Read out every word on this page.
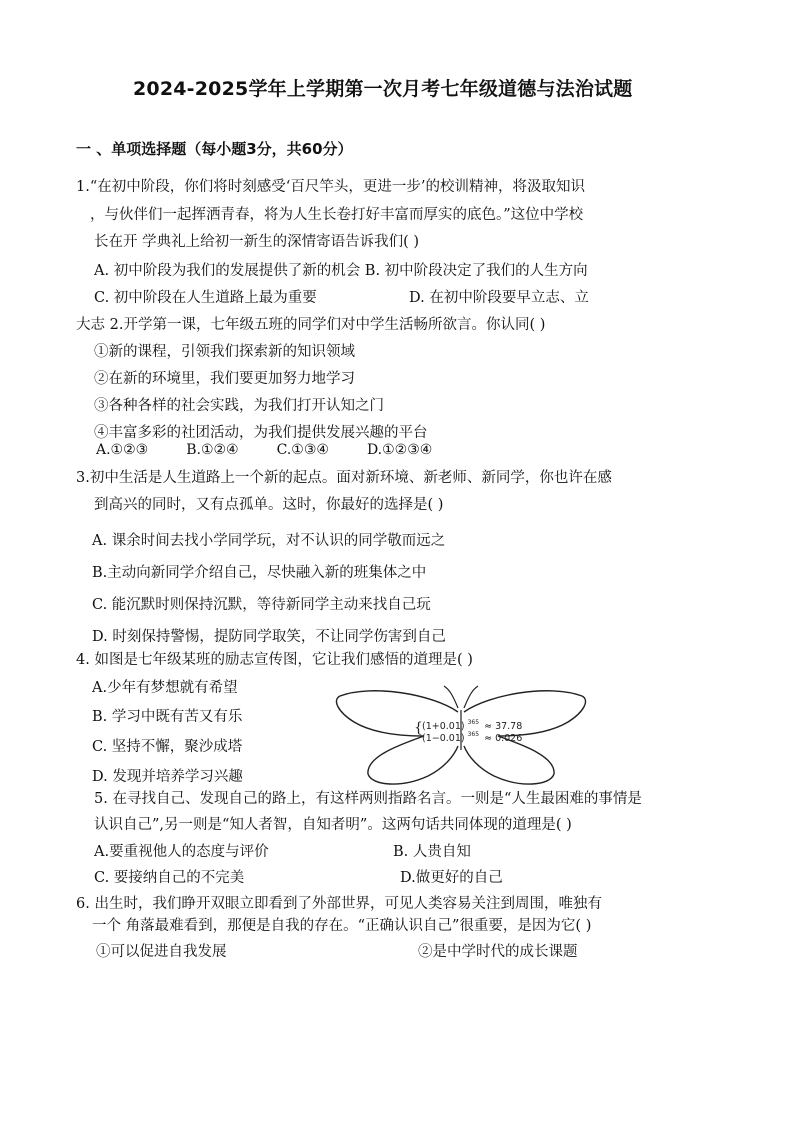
2024-2025学年上学期第一次月考七年级道德与法治试题
一 、单项选择题（每小题3分，共60分）
1.“在初中阶段，你们将时刻感受‘百尺竿头，更进一步’的校训精神，将汲取知识
，与伙伴们一起挥洒青春，将为人生长卷打好丰富而厚实的底色。”这位中学校
长在开 学典礼上给初一新生的深情寄语告诉我们( )
A. 初中阶段为我们的发展提供了新的机会 B. 初中阶段决定了我们的人生方向
C. 初中阶段在人生道路上最为重要	D. 在初中阶段要早立志、立
大志 2.开学第一课，七年级五班的同学们对中学生活畅所欲言。你认同( )
①新的课程，引领我们探索新的知识领域
②在新的环境里，我们要更加努力地学习
③各种各样的社会实践，为我们打开认知之门
④丰富多彩的社团活动，为我们提供发展兴趣的平台
A.①②③	B.①②④	C.①③④	D.①②③④
3.初中生活是人生道路上一个新的起点。面对新环境、新老师、新同学，你也许在感
到高兴的同时，又有点孤单。这时，你最好的选择是( )
A. 课余时间去找小学同学玩，对不认识的同学敬而远之
B.主动向新同学介绍自己，尽快融入新的班集体之中
C. 能沉默时则保持沉默，等待新同学主动来找自己玩
D. 时刻保持警惕，提防同学取笑，不让同学伤害到自己
4. 如图是七年级某班的励志宣传图，它让我们感悟的道理是( )
A.少年有梦想就有希望
B. 学习中既有苦又有乐
C. 坚持不懈，聚沙成塔
D. 发现并培养学习兴趣
{ (1+0.01) $^{365}$ ≈ 37.78
(1−0.01) $^{365}$ ≈ 0.026
5. 在寻找自己、发现自己的路上，有这样两则指路名言。一则是“人生最困难的事情是
认识自己”,另一则是“知人者智，自知者明”。这两句话共同体现的道理是( )
A.要重视他人的态度与评价	B. 人贵自知
C. 要接纳自己的不完美	D.做更好的自己
6. 出生时，我们睁开双眼立即看到了外部世界，可见人类容易关注到周围，唯独有
一个 角落最难看到，那便是自我的存在。“正确认识自己”很重要，是因为它( )
①可以促进自我发展	②是中学时代的成长课题
